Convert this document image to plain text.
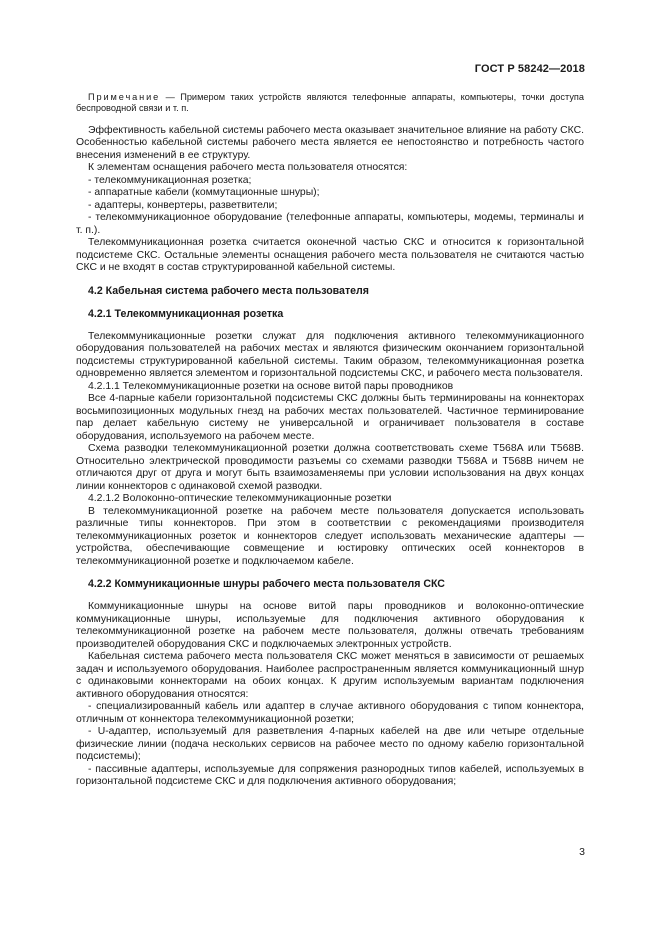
ГОСТ Р 58242—2018

Примечание — Примером таких устройств являются телефонные аппараты, компьютеры, точки доступа беспроводной связи и т. п.

Эффективность кабельной системы рабочего места оказывает значительное влияние на работу СКС. Особенностью кабельной системы рабочего места является ее непостоянство и потребность частого внесения изменений в ее структуру.

К элементам оснащения рабочего места пользователя относятся:

- телекоммуникационная розетка;

- аппаратные кабели (коммутационные шнуры);

- адаптеры, конвертеры, разветвители;

- телекоммуникационное оборудование (телефонные аппараты, компьютеры, модемы, терминалы и т. п.).

Телекоммуникационная розетка считается оконечной частью СКС и относится к горизонтальной подсистеме СКС. Остальные элементы оснащения рабочего места пользователя не считаются частью СКС и не входят в состав структурированной кабельной системы.

4.2 Кабельная система рабочего места пользователя
4.2.1 Телекоммуникационная розетка

Телекоммуникационные розетки служат для подключения активного телекоммуникационного оборудования пользователей на рабочих местах и являются физическим окончанием горизонтальной подсистемы структурированной кабельной системы. Таким образом, телекоммуникационная розетка одновременно является элементом и горизонтальной подсистемы СКС, и рабочего места пользователя.

4.2.1.1 Телекоммуникационные розетки на основе витой пары проводников

Все 4-парные кабели горизонтальной подсистемы СКС должны быть терминированы на коннекторах восьмипозиционных модульных гнезд на рабочих местах пользователей. Частичное терминирование пар делает кабельную систему не универсальной и ограничивает пользователя в составе оборудования, используемого на рабочем месте.

Схема разводки телекоммуникационной розетки должна соответствовать схеме T568A или T568B. Относительно электрической проводимости разъемы со схемами разводки T568A и T568B ничем не отличаются друг от друга и могут быть взаимозаменяемы при условии использования на двух концах линии коннекторов с одинаковой схемой разводки.

4.2.1.2 Волоконно-оптические телекоммуникационные розетки

В телекоммуникационной розетке на рабочем месте пользователя допускается использовать различные типы коннекторов. При этом в соответствии с рекомендациями производителя телекоммуникационных розеток и коннекторов следует использовать механические адаптеры — устройства, обеспечивающие совмещение и юстировку оптических осей коннекторов в телекоммуникационной розетке и подключаемом кабеле.

4.2.2 Коммуникационные шнуры рабочего места пользователя СКС

Коммуникационные шнуры на основе витой пары проводников и волоконно-оптические коммуникационные шнуры, используемые для подключения активного оборудования к телекоммуникационной розетке на рабочем месте пользователя, должны отвечать требованиям производителей оборудования СКС и подключаемых электронных устройств.

Кабельная система рабочего места пользователя СКС может меняться в зависимости от решаемых задач и используемого оборудования. Наиболее распространенным является коммуникационный шнур с одинаковыми коннекторами на обоих концах. К другим используемым вариантам подключения активного оборудования относятся:

- специализированный кабель или адаптер в случае активного оборудования с типом коннектора, отличным от коннектора телекоммуникационной розетки;

- U-адаптер, используемый для разветвления 4-парных кабелей на две или четыре отдельные физические линии (подача нескольких сервисов на рабочее место по одному кабелю горизонтальной подсистемы);

- пассивные адаптеры, используемые для сопряжения разнородных типов кабелей, используемых в горизонтальной подсистеме СКС и для подключения активного оборудования;

3
